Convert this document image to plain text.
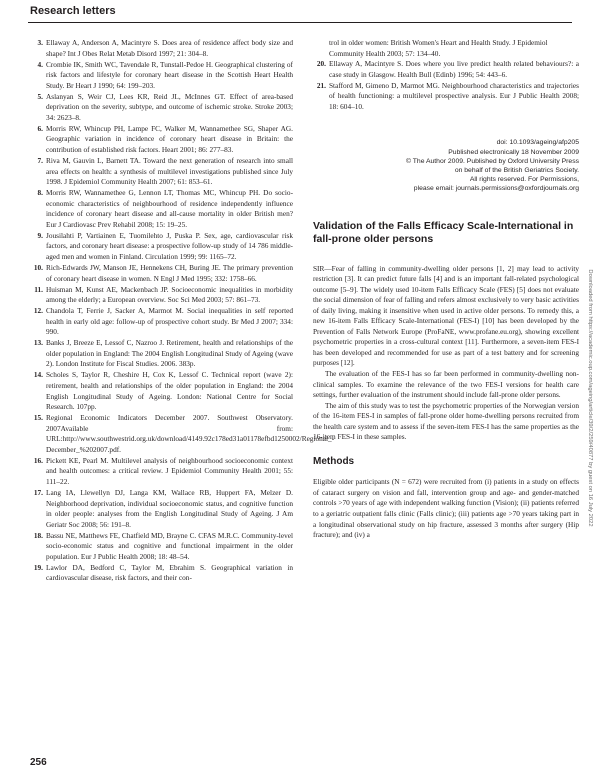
Research letters
3. Ellaway A, Anderson A, Macintyre S. Does area of residence affect body size and shape? Int J Obes Relat Metab Disord 1997; 21: 304–8.
4. Crombie IK, Smith WC, Tavendale R, Tunstall-Pedoe H. Geographical clustering of risk factors and lifestyle for coronary heart disease in the Scottish Heart Health Study. Br Heart J 1990; 64: 199–203.
5. Aslanyan S, Weir CJ, Lees KR, Reid JL, McInnes GT. Effect of area-based deprivation on the severity, subtype, and outcome of ischemic stroke. Stroke 2003; 34: 2623–8.
6. Morris RW, Whincup PH, Lampe FC, Walker M, Wannamethee SG, Shaper AG. Geographic variation in incidence of coronary heart disease in Britain: the contribution of established risk factors. Heart 2001; 86: 277–83.
7. Riva M, Gauvin L, Barnett TA. Toward the next generation of research into small area effects on health: a synthesis of multilevel investigations published since July 1998. J Epidemiol Community Health 2007; 61: 853–61.
8. Morris RW, Wannamethee G, Lennon LT, Thomas MC, Whincup PH. Do socio-economic characteristics of neighbourhood of residence independently influence incidence of coronary heart disease and all-cause mortality in older British men? Eur J Cardiovasc Prev Rehabil 2008; 15: 19–25.
9. Jousilahti P, Vartiainen E, Tuomilehto J, Puska P. Sex, age, cardiovascular risk factors, and coronary heart disease: a prospective follow-up study of 14 786 middle-aged men and women in Finland. Circulation 1999; 99: 1165–72.
10. Rich-Edwards JW, Manson JE, Hennekens CH, Buring JE. The primary prevention of coronary heart disease in women. N Engl J Med 1995; 332: 1758–66.
11. Huisman M, Kunst AE, Mackenbach JP. Socioeconomic inequalities in morbidity among the elderly; a European overview. Soc Sci Med 2003; 57: 861–73.
12. Chandola T, Ferrie J, Sacker A, Marmot M. Social inequalities in self reported health in early old age: follow-up of prospective cohort study. Br Med J 2007; 334: 990.
13. Banks J, Breeze E, Lessof C, Nazroo J. Retirement, health and relationships of the older population in England: The 2004 English Longitudinal Study of Ageing (wave 2). London Institute for Fiscal Studies. 2006. 383p.
14. Scholes S, Taylor R, Cheshire H, Cox K, Lessof C. Technical report (wave 2): retirement, health and relationships of the older population in England: the 2004 English Longitudinal Study of Ageing. London: National Centre for Social Research. 107pp.
15. Regional Economic Indicators December 2007. Southwest Observatory. 2007Available from: URL:http://www.southwestrid.org.uk/download/4149.92c178ed31a01178efbd1250002/Regional_-December_%202007.pdf.
16. Pickett KE, Pearl M. Multilevel analysis of neighbourhood socioeconomic context and health outcomes: a critical review. J Epidemiol Community Health 2001; 55: 111–22.
17. Lang IA, Llewellyn DJ, Langa KM, Wallace RB, Huppert FA, Melzer D. Neighborhood deprivation, individual socioeconomic status, and cognitive function in older people: analyses from the English Longitudinal Study of Ageing. J Am Geriatr Soc 2008; 56: 191–8.
18. Bassu NE, Matthews FE, Chatfield MD, Brayne C. CFAS M.R.C. Community-level socio-economic status and cognitive and functional impairment in the older population. Eur J Public Health 2008; 18: 48–54.
19. Lawlor DA, Bedford C, Taylor M, Ebrahim S. Geographical variation in cardiovascular disease, risk factors, and their con-
trol in older women: British Women's Heart and Health Study. J Epidemiol Community Health 2003; 57: 134–40.
20. Ellaway A, Macintyre S. Does where you live predict health related behaviours?: a case study in Glasgow. Health Bull (Edinb) 1996; 54: 443–6.
21. Stafford M, Gimeno D, Marmot MG. Neighbourhood characteristics and trajectories of health functioning: a multilevel prospective analysis. Eur J Public Health 2008; 18: 604–10.
doi: 10.1093/ageing/afp205
Published electronically 18 November 2009
© The Author 2009. Published by Oxford University Press
on behalf of the British Geriatrics Society.
All rights reserved. For Permissions,
please email: journals.permissions@oxfordjournals.org
Validation of the Falls Efficacy Scale-International in fall-prone older persons

SIR—Fear of falling in community-dwelling older persons [1, 2] may lead to activity restriction [3]. It can predict future falls [4] and is an important fall-related psychological outcome [5–9]. The widely used 10-item Falls Efficacy Scale (FES) [5] does not evaluate the social dimension of fear of falling and refers almost exclusively to very basic activities of daily living, making it insensitive when used in active older persons. To remedy this, a new 16-item Falls Efficacy Scale-International (FES-I) [10] has been developed by the Prevention of Falls Network Europe (ProFaNE, www.profane.eu.org), showing excellent psychometric properties in a cross-cultural context [11]. Furthermore, a seven-item FES-I has been developed and recommended for use as part of a test battery and for screening purposes [12].

The evaluation of the FES-I has so far been performed in community-dwelling non-clinical samples. To examine the relevance of the two FES-I versions for health care settings, further evaluation of the instrument should include fall-prone older persons.

The aim of this study was to test the psychometric properties of the Norwegian version of the 16-item FES-I in samples of fall-prone older home-dwelling persons recruited from the health care system and to assess if the seven-item FES-I has the same properties as the 16-item FES-I in these samples.

Methods

Eligible older participants (N = 672) were recruited from (i) patients in a study on effects of cataract surgery on vision and fall, intervention group and age- and gender-matched controls >70 years of age with independent walking function (Vision); (ii) patients referred to a geriatric outpatient falls clinic (Falls clinic); (iii) patients age >70 years taking part in a longitudinal observational study on hip fracture, assessed 3 months after surgery (Hip fracture); and (iv) a

256
Downloaded from https://academic.oup.com/ageing/article/39/2/259/40877 by guest on 16 July 2022
